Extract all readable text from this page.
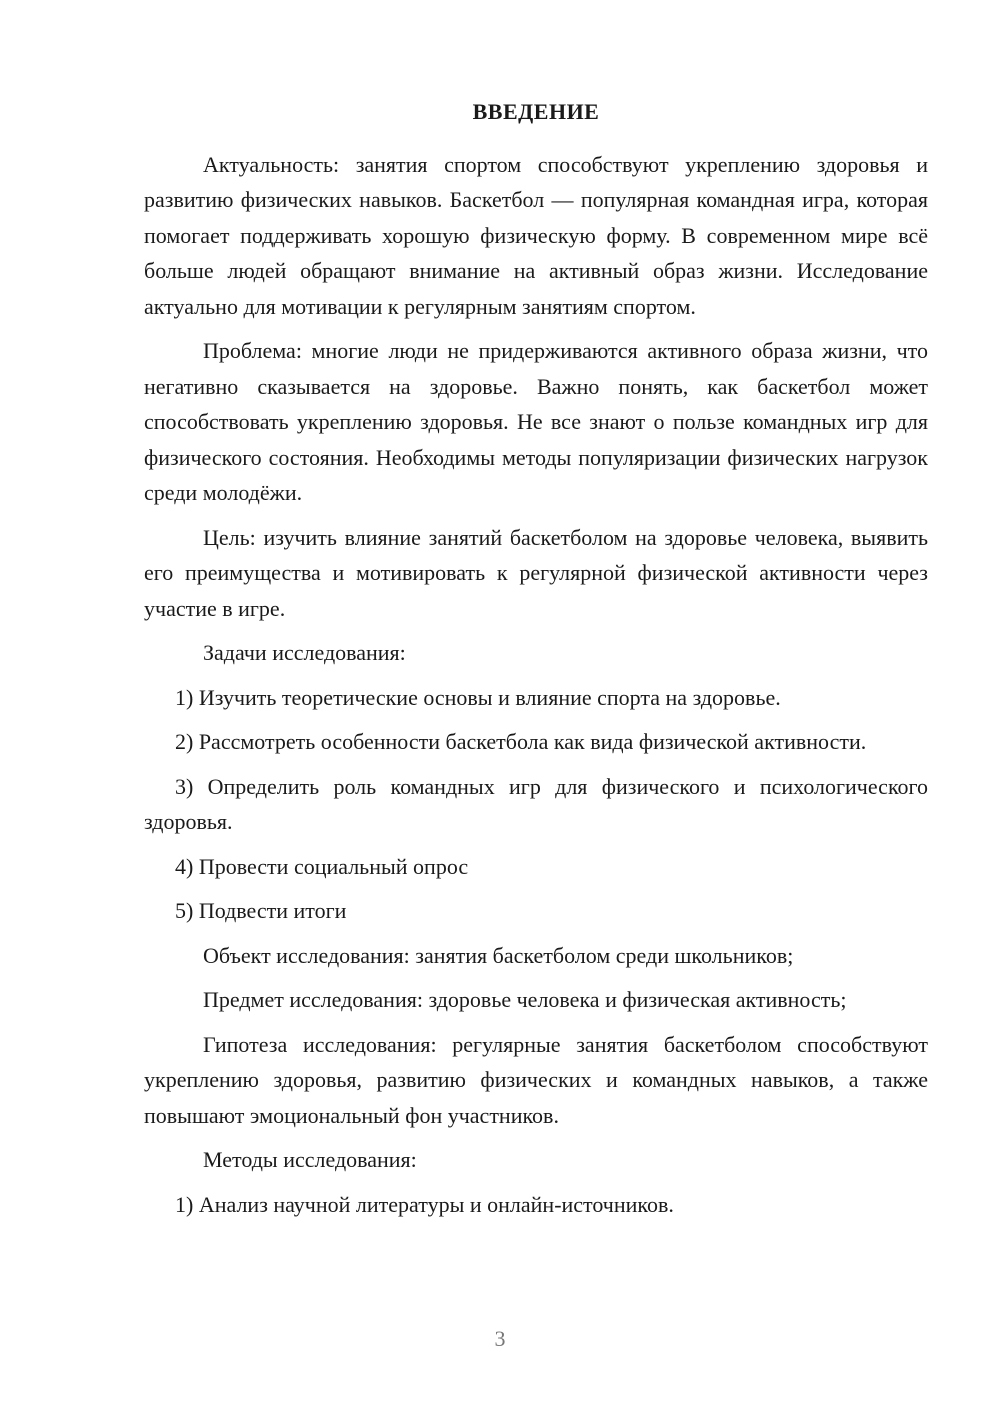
ВВЕДЕНИЕ
Актуальность: занятия спортом способствуют укреплению здоровья и развитию физических навыков. Баскетбол — популярная командная игра, которая помогает поддерживать хорошую физическую форму. В современном мире всё больше людей обращают внимание на активный образ жизни. Исследование актуально для мотивации к регулярным занятиям спортом.
Проблема: многие люди не придерживаются активного образа жизни, что негативно сказывается на здоровье. Важно понять, как баскетбол может способствовать укреплению здоровья. Не все знают о пользе командных игр для физического состояния. Необходимы методы популяризации физических нагрузок среди молодёжи.
Цель: изучить влияние занятий баскетболом на здоровье человека, выявить его преимущества и мотивировать к регулярной физической активности через участие в игре.
Задачи исследования:
1) Изучить теоретические основы и влияние спорта на здоровье.
2) Рассмотреть особенности баскетбола как вида физической активности.
3) Определить роль командных игр для физического и психологического здоровья.
4) Провести социальный опрос
5) Подвести итоги
Объект исследования: занятия баскетболом среди школьников;
Предмет исследования: здоровье человека и физическая активность;
Гипотеза исследования: регулярные занятия баскетболом способствуют укреплению здоровья, развитию физических и командных навыков, а также повышают эмоциональный фон участников.
Методы исследования:
1) Анализ научной литературы и онлайн-источников.
3
